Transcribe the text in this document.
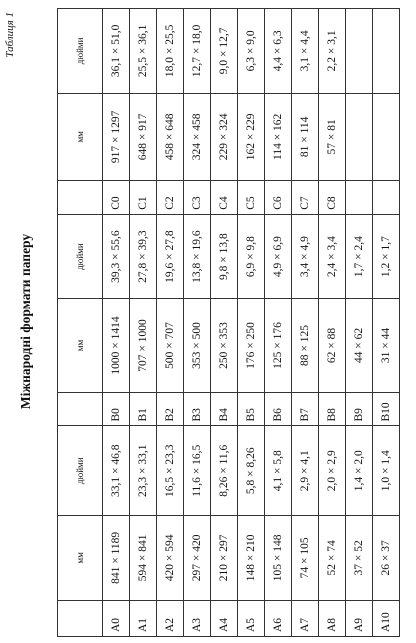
Таблиця 1
Міжнародні формати паперу
	мм	дюйми		мм	дюйми		мм	дюйми
A0	841 × 1189	33,1 × 46,8	B0	1000 × 1414	39,3 × 55,6	C0	917 × 1297	36,1 × 51,0
A1	594 × 841	23,3 × 33,1	B1	707 × 1000	27,8 × 39,3	C1	648 × 917	25,5 × 36,1
A2	420 × 594	16,5 × 23,3	B2	500 × 707	19,6 × 27,8	C2	458 × 648	18,0 × 25,5
A3	297 × 420	11,6 × 16,5	B3	353 × 500	13,8 × 19,6	C3	324 × 458	12,7 × 18,0
A4	210 × 297	8,26 × 11,6	B4	250 × 353	9,8 × 13,8	C4	229 × 324	9,0 × 12,7
A5	148 × 210	5,8 × 8,26	B5	176 × 250	6,9 × 9,8	C5	162 × 229	6,3 × 9,0
A6	105 × 148	4,1 × 5,8	B6	125 × 176	4,9 × 6,9	C6	114 × 162	4,4 × 6,3
A7	74 × 105	2,9 × 4,1	B7	88 × 125	3,4 × 4,9	C7	81 × 114	3,1 × 4,4
A8	52 × 74	2,0 × 2,9	B8	62 × 88	2,4 × 3,4	C8	57 × 81	2,2 × 3,1
A9	37 × 52	1,4 × 2,0	B9	44 × 62	1,7 × 2,4			
A10	26 × 37	1,0 × 1,4	B10	31 × 44	1,2 × 1,7			
